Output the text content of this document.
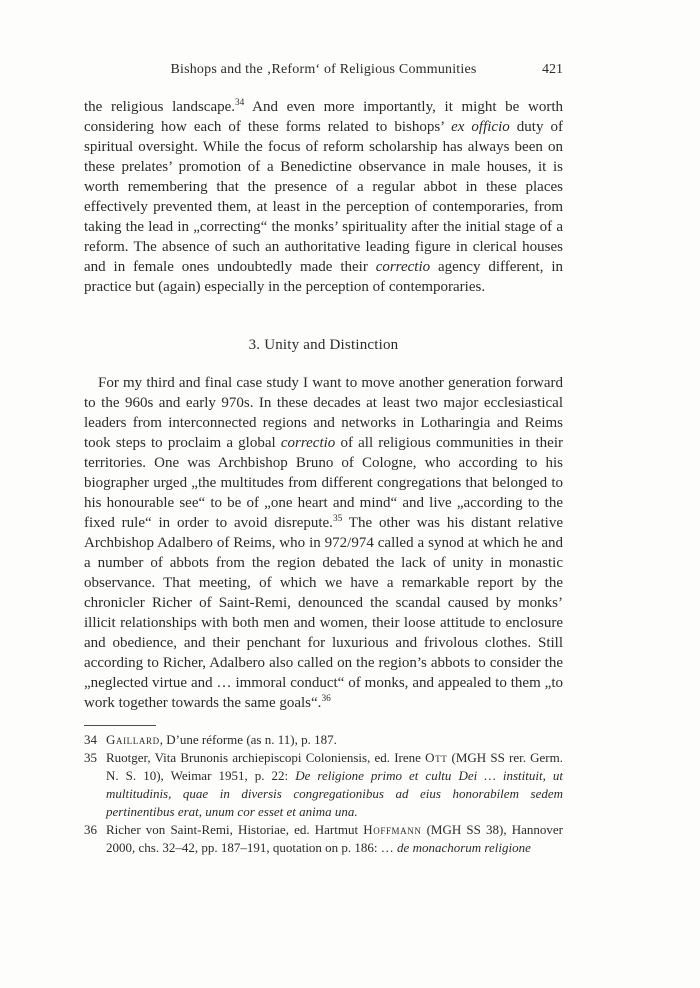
Bishops and the ‚Reform‘ of Religious Communities	421

the religious landscape.$^{34}$ And even more importantly, it might be worth considering how each of these forms related to bishops’ ex officio duty of spiritual oversight. While the focus of reform scholarship has always been on these prelates’ promotion of a Benedictine observance in male houses, it is worth remembering that the presence of a regular abbot in these places effectively prevented them, at least in the perception of contemporaries, from taking the lead in „correcting“ the monks’ spirituality after the initial stage of a reform. The absence of such an authoritative leading figure in clerical houses and in female ones undoubtedly made their correctio agency different, in practice but (again) especially in the perception of contemporaries.

3. Unity and Distinction

For my third and final case study I want to move another generation forward to the 960s and early 970s. In these decades at least two major ecclesiastical leaders from interconnected regions and networks in Lotharingia and Reims took steps to proclaim a global correctio of all religious communities in their territories. One was Archbishop Bruno of Cologne, who according to his biographer urged „the multitudes from different congregations that belonged to his honourable see“ to be of „one heart and mind“ and live „according to the fixed rule“ in order to avoid disrepute.$^{35}$ The other was his distant relative Archbishop Adalbero of Reims, who in 972/974 called a synod at which he and a number of abbots from the region debated the lack of unity in monastic observance. That meeting, of which we have a remarkable report by the chronicler Richer of Saint-Remi, denounced the scandal caused by monks’ illicit relationships with both men and women, their loose attitude to enclosure and obedience, and their penchant for luxurious and frivolous clothes. Still according to Richer, Adalbero also called on the region’s abbots to consider the „neglected virtue and … immoral conduct“ of monks, and appealed to them „to work together towards the same goals“.$^{36}$

34 Gaillard, D’une réforme (as n. 11), p. 187.

35 Ruotger, Vita Brunonis archiepiscopi Coloniensis, ed. Irene Ott (MGH SS rer. Germ. N. S. 10), Weimar 1951, p. 22: De religione primo et cultu Dei … instituit, ut multitudinis, quae in diversis congregationibus ad eius honorabilem sedem pertinentibus erat, unum cor esset et anima una.

36 Richer von Saint-Remi, Historiae, ed. Hartmut Hoffmann (MGH SS 38), Hannover 2000, chs. 32–42, pp. 187–191, quotation on p. 186: … de monachorum religione
